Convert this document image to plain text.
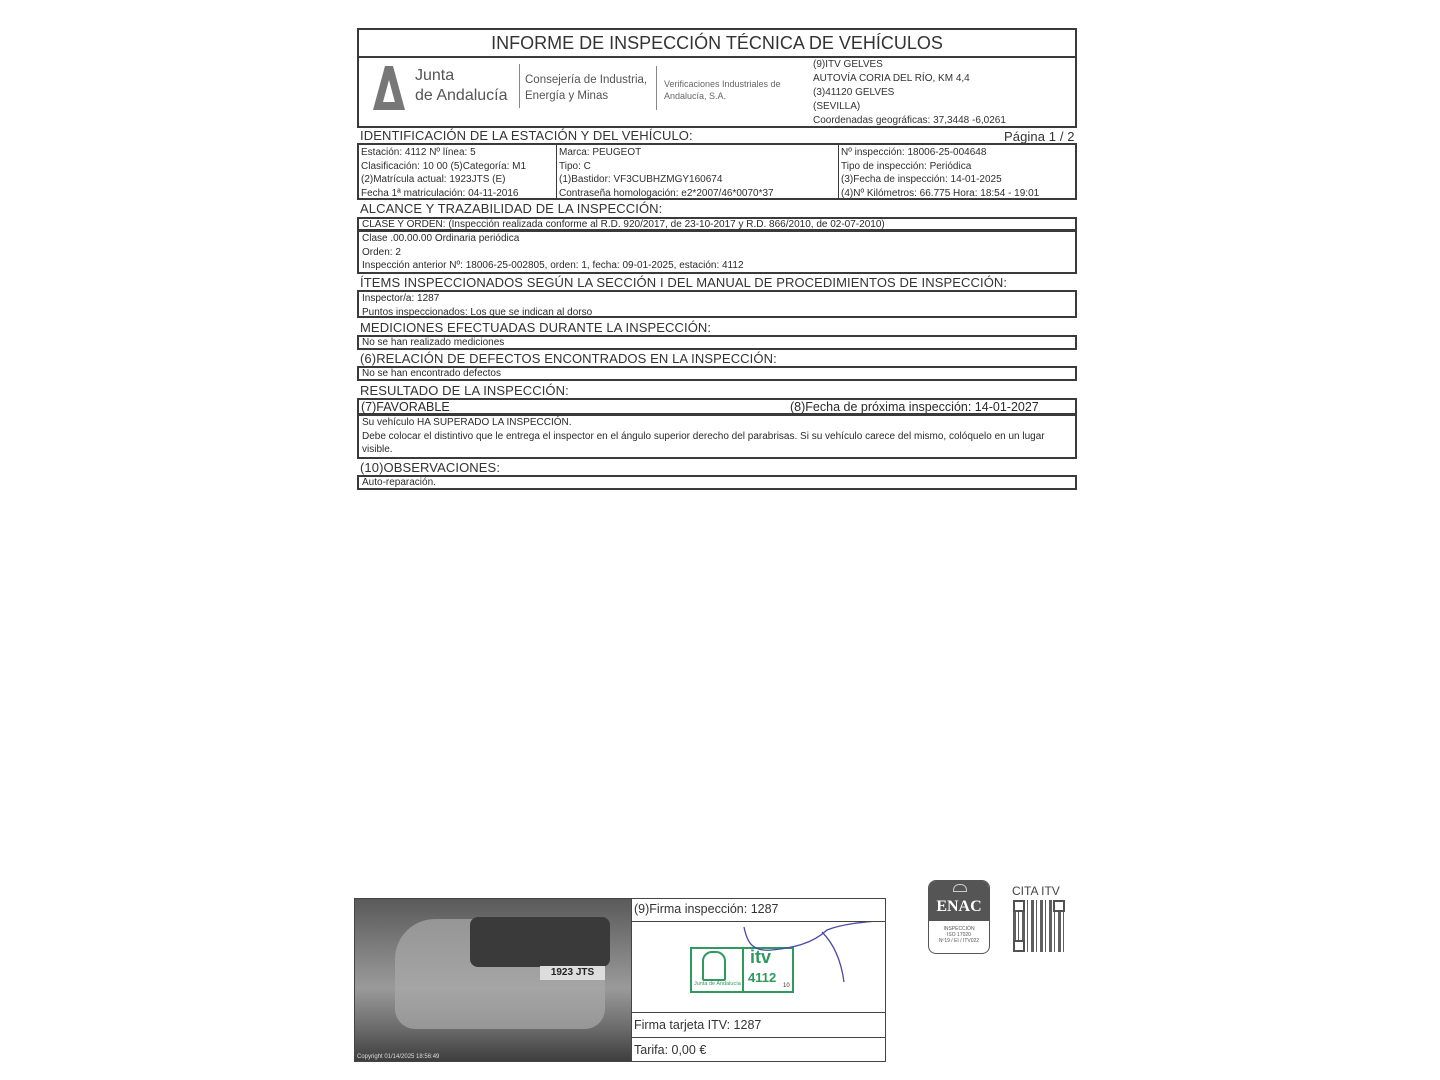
INFORME DE INSPECCIÓN TÉCNICA DE VEHÍCULOS
Junta
de Andalucía
Consejería de Industria,
Energía y Minas
Verificaciones Industriales de
Andalucía, S.A.
(9)ITV GELVES
AUTOVÍA CORIA DEL RÍO, KM 4,4
(3)41120 GELVES
(SEVILLA)
Coordenadas geográficas: 37,3448 -6,0261
IDENTIFICACIÓN DE LA ESTACIÓN Y DEL VEHÍCULO:	Página 1 / 2
Estación: 4112 Nº línea: 5
Clasificación: 10 00 (5)Categoría: M1
(2)Matrícula actual: 1923JTS (E)
Fecha 1ª matriculación: 04-11-2016
Marca: PEUGEOT
Tipo: C
(1)Bastidor: VF3CUBHZMGY160674
Contraseña homologación: e2*2007/46*0070*37
Nº inspección: 18006-25-004648
Tipo de inspección: Periódica
(3)Fecha de inspección: 14-01-2025
(4)Nº Kilómetros: 66.775 Hora: 18:54 - 19:01
ALCANCE Y TRAZABILIDAD DE LA INSPECCIÓN:
CLASE Y ORDEN: (Inspección realizada conforme al R.D. 920/2017, de 23-10-2017 y R.D. 866/2010, de 02-07-2010)
Clase .00.00.00 Ordinaria periódica
Orden: 2
Inspección anterior Nº: 18006-25-002805, orden: 1, fecha: 09-01-2025, estación: 4112
ÍTEMS INSPECCIONADOS SEGÚN LA SECCIÓN I DEL MANUAL DE PROCEDIMIENTOS DE INSPECCIÓN:
Inspector/a: 1287
Puntos inspeccionados: Los que se indican al dorso
MEDICIONES EFECTUADAS DURANTE LA INSPECCIÓN:
No se han realizado mediciones
(6)RELACIÓN DE DEFECTOS ENCONTRADOS EN LA INSPECCIÓN:
No se han encontrado defectos
RESULTADO DE LA INSPECCIÓN:
(7)FAVORABLE	(8)Fecha de próxima inspección: 14-01-2027
Su vehículo HA SUPERADO LA INSPECCIÓN.
Debe colocar el distintivo que le entrega el inspector en el ángulo superior derecho del parabrisas. Si su vehículo carece del mismo, colóquelo en un lugar visible.
(10)OBSERVACIONES:
Auto-reparación.
1923 JTS
Copyright 01/14/2025 18:56:49
(9)Firma inspección: 1287
Junta de Andalucía
itv
4112
10
Firma tarjeta ITV: 1287
Tarifa: 0,00 €
ENAC
INSPECCIÓN
ISO 17020
Nº19 / EI / ITV022
CITA ITV
